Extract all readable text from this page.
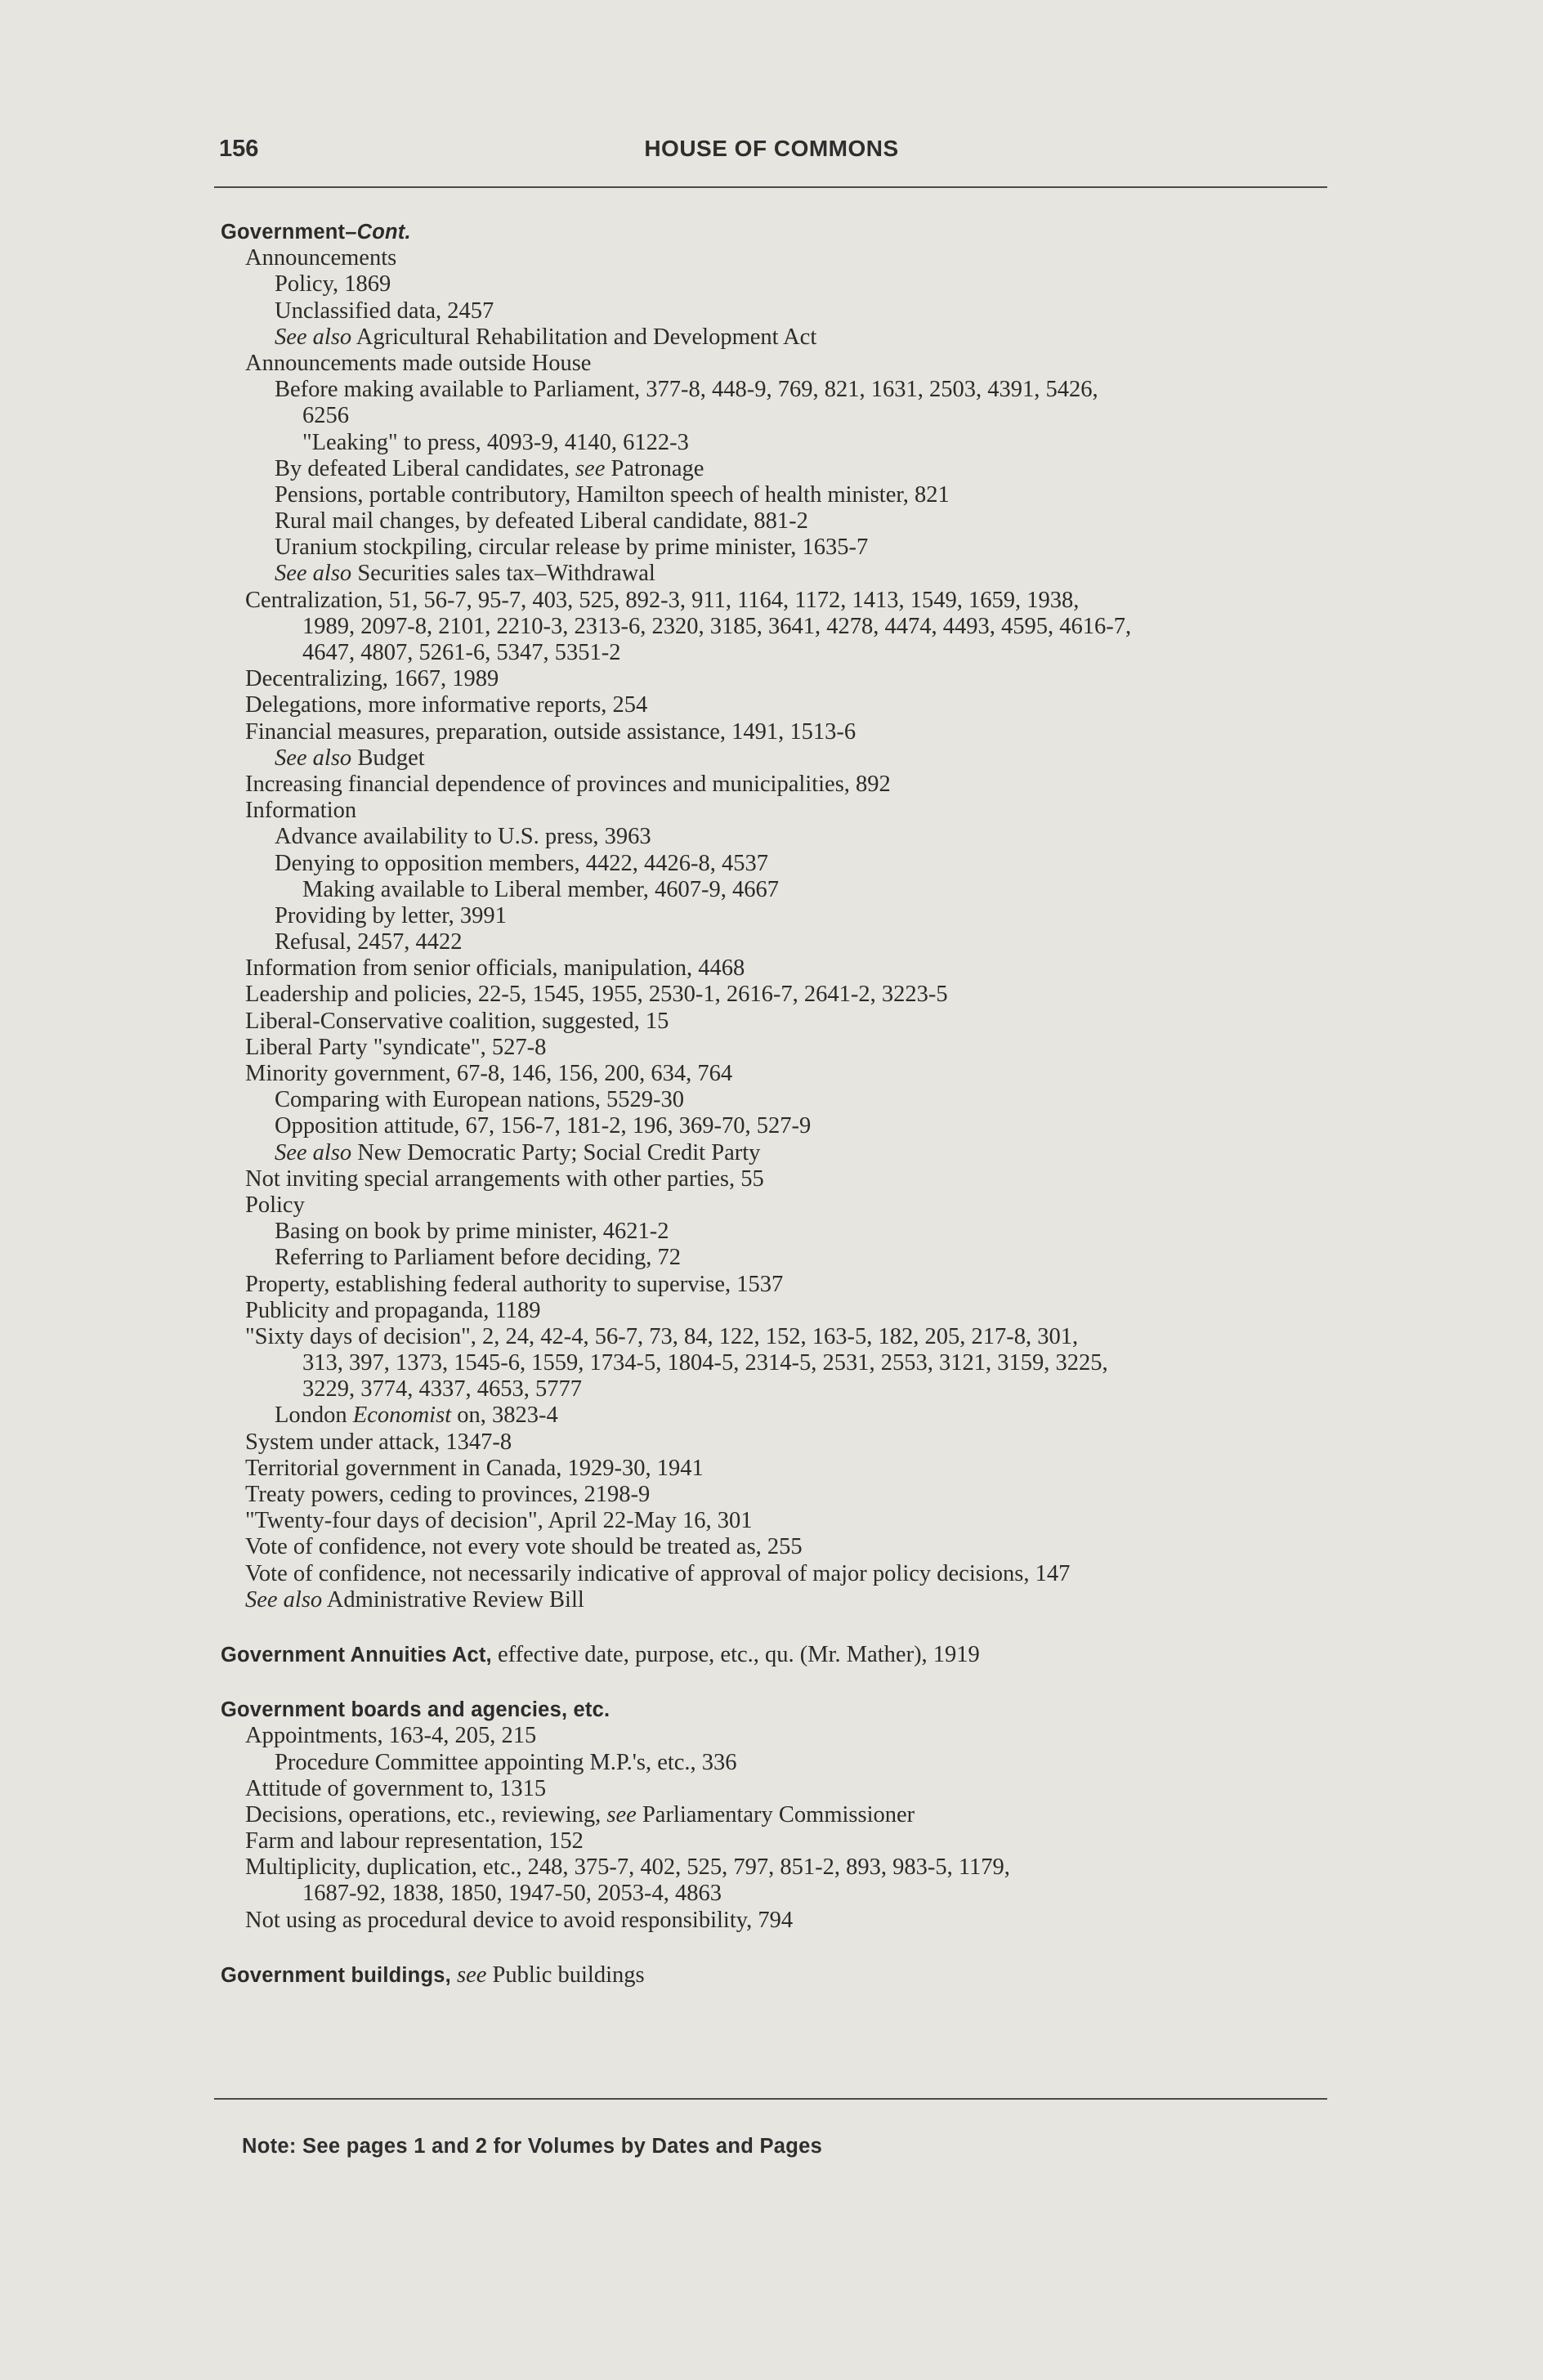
156	HOUSE OF COMMONS
Government–Cont.
Announcements
Policy, 1869
Unclassified data, 2457
See also Agricultural Rehabilitation and Development Act
Announcements made outside House
Before making available to Parliament, 377-8, 448-9, 769, 821, 1631, 2503, 4391, 5426,
6256
"Leaking" to press, 4093-9, 4140, 6122-3
By defeated Liberal candidates, see Patronage
Pensions, portable contributory, Hamilton speech of health minister, 821
Rural mail changes, by defeated Liberal candidate, 881-2
Uranium stockpiling, circular release by prime minister, 1635-7
See also Securities sales tax–Withdrawal
Centralization, 51, 56-7, 95-7, 403, 525, 892-3, 911, 1164, 1172, 1413, 1549, 1659, 1938,
1989, 2097-8, 2101, 2210-3, 2313-6, 2320, 3185, 3641, 4278, 4474, 4493, 4595, 4616-7,
4647, 4807, 5261-6, 5347, 5351-2
Decentralizing, 1667, 1989
Delegations, more informative reports, 254
Financial measures, preparation, outside assistance, 1491, 1513-6
See also Budget
Increasing financial dependence of provinces and municipalities, 892
Information
Advance availability to U.S. press, 3963
Denying to opposition members, 4422, 4426-8, 4537
Making available to Liberal member, 4607-9, 4667
Providing by letter, 3991
Refusal, 2457, 4422
Information from senior officials, manipulation, 4468
Leadership and policies, 22-5, 1545, 1955, 2530-1, 2616-7, 2641-2, 3223-5
Liberal-Conservative coalition, suggested, 15
Liberal Party "syndicate", 527-8
Minority government, 67-8, 146, 156, 200, 634, 764
Comparing with European nations, 5529-30
Opposition attitude, 67, 156-7, 181-2, 196, 369-70, 527-9
See also New Democratic Party; Social Credit Party
Not inviting special arrangements with other parties, 55
Policy
Basing on book by prime minister, 4621-2
Referring to Parliament before deciding, 72
Property, establishing federal authority to supervise, 1537
Publicity and propaganda, 1189
"Sixty days of decision", 2, 24, 42-4, 56-7, 73, 84, 122, 152, 163-5, 182, 205, 217-8, 301,
313, 397, 1373, 1545-6, 1559, 1734-5, 1804-5, 2314-5, 2531, 2553, 3121, 3159, 3225,
3229, 3774, 4337, 4653, 5777
London Economist on, 3823-4
System under attack, 1347-8
Territorial government in Canada, 1929-30, 1941
Treaty powers, ceding to provinces, 2198-9
"Twenty-four days of decision", April 22-May 16, 301
Vote of confidence, not every vote should be treated as, 255
Vote of confidence, not necessarily indicative of approval of major policy decisions, 147
See also Administrative Review Bill
Government Annuities Act, effective date, purpose, etc., qu. (Mr. Mather), 1919
Government boards and agencies, etc.
Appointments, 163-4, 205, 215
Procedure Committee appointing M.P.'s, etc., 336
Attitude of government to, 1315
Decisions, operations, etc., reviewing, see Parliamentary Commissioner
Farm and labour representation, 152
Multiplicity, duplication, etc., 248, 375-7, 402, 525, 797, 851-2, 893, 983-5, 1179,
1687-92, 1838, 1850, 1947-50, 2053-4, 4863
Not using as procedural device to avoid responsibility, 794
Government buildings, see Public buildings
Note: See pages 1 and 2 for Volumes by Dates and Pages
